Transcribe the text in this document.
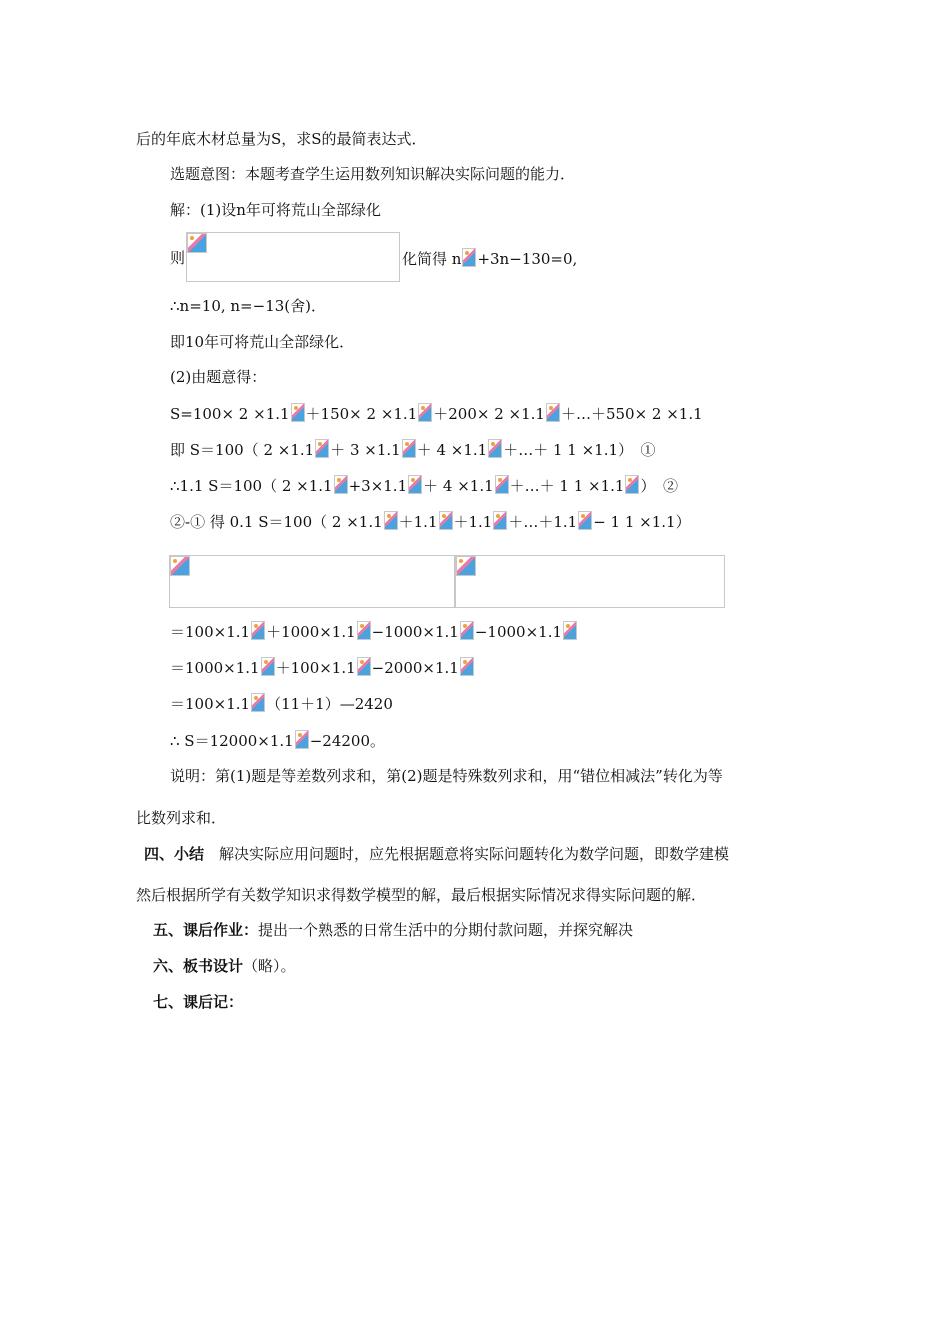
后的年底木材总量为S，求S的最简表达式．
选题意图：本题考查学生运用数列知识解决实际问题的能力．
解：(1)设n年可将荒山全部绿化
则	化简得 n +3n−130=0,
∴n=10, n=−13(舍)．
即10年可将荒山全部绿化．
(2)由题意得：
S=100× 2 ×1.1 ＋150× 2 ×1.1 ＋200× 2 ×1.1 ＋…＋550× 2 ×1.1
即 S＝100（ 2 ×1.1 ＋ 3 ×1.1 ＋ 4 ×1.1 ＋…＋ 1 1 ×1.1）　①
∴1.1 S＝100（ 2 ×1.1 +3×1.1 ＋ 4 ×1.1 ＋…＋ 1 1 ×1.1 ）　②
②-① 得 0.1 S＝100（ 2 ×1.1 ＋1.1 ＋1.1 ＋…＋1.1 − 1 1 ×1.1）
＝100×1.1 ＋1000×1.1 −1000×1.1 −1000×1.1
＝1000×1.1 ＋100×1.1 −2000×1.1
＝100×1.1 （11＋1）—2420
∴ S＝12000×1.1 −24200。
说明：第(1)题是等差数列求和，第(2)题是特殊数列求和，用“错位相减法”转化为等
比数列求和．
四、小结　解决实际应用问题时，应先根据题意将实际问题转化为数学问题，即数学建模
然后根据所学有关数学知识求得数学模型的解，最后根据实际情况求得实际问题的解．
五、课后作业：提出一个熟悉的日常生活中的分期付款问题，并探究解决
六、板书设计（略）。
七、课后记：
